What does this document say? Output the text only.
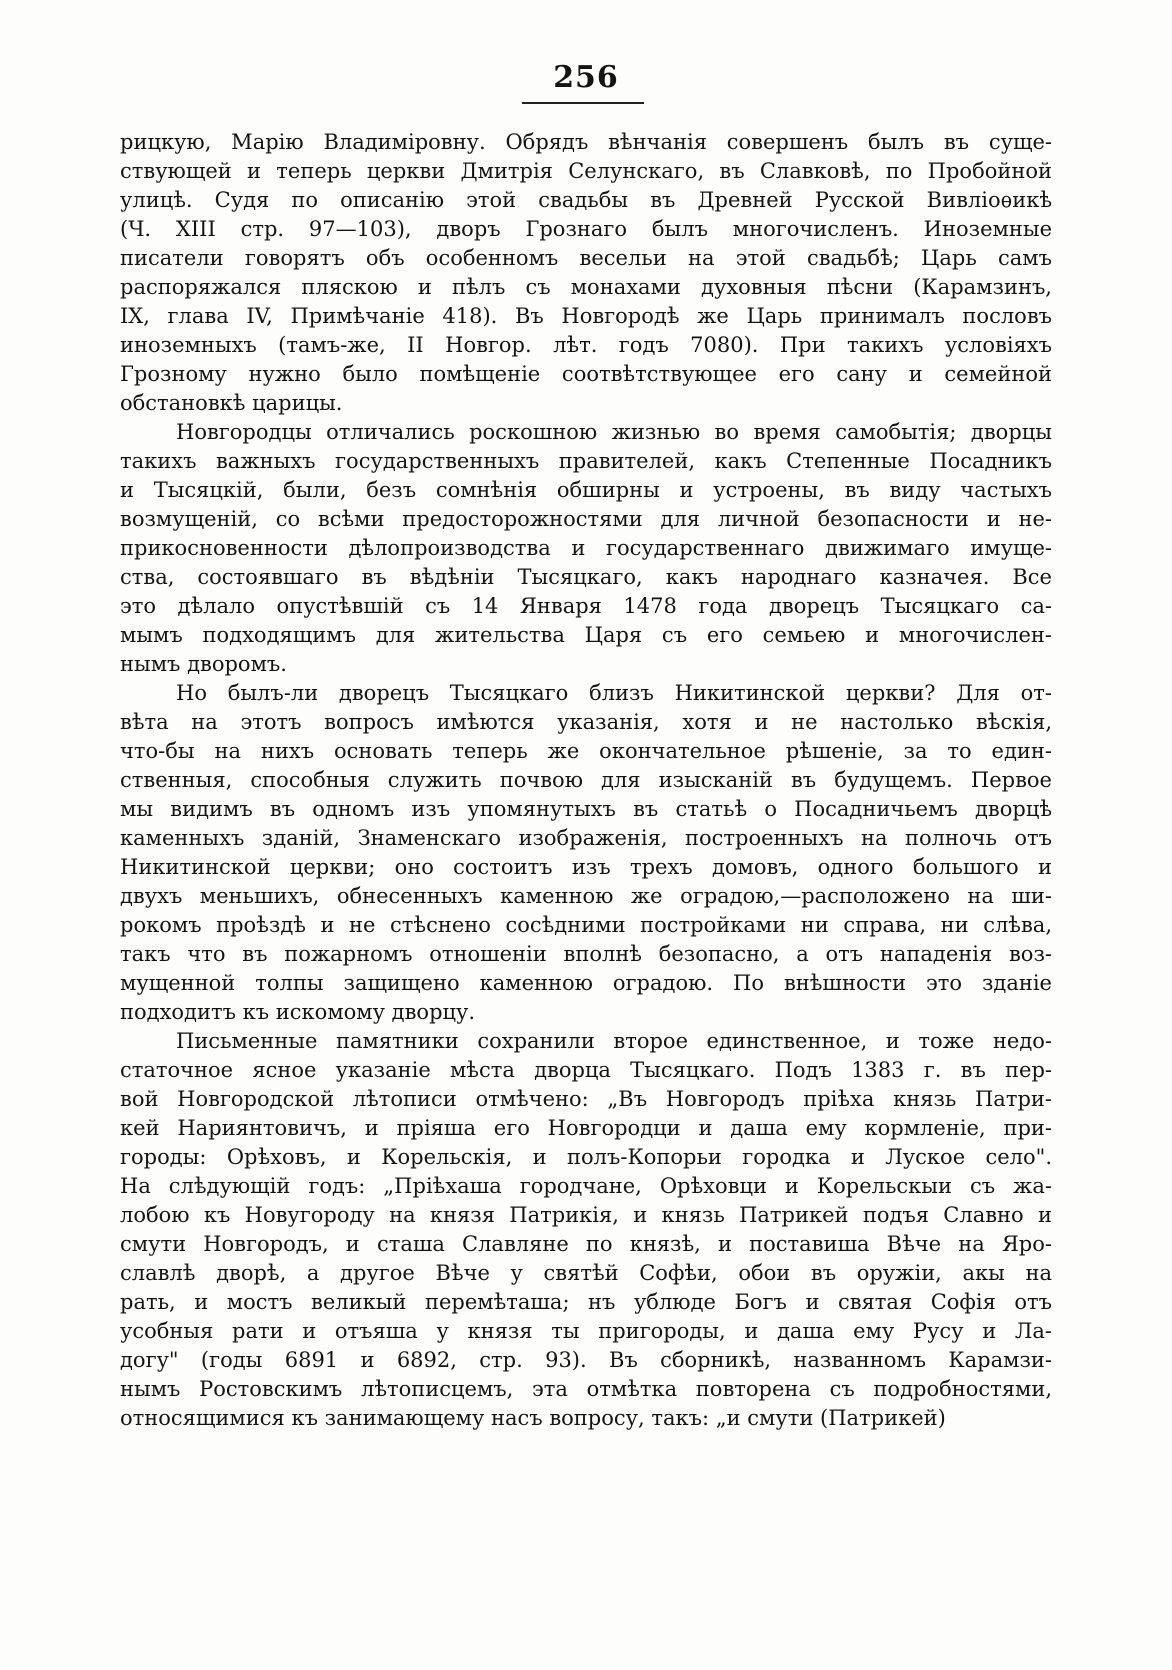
256
рицкую, Марію Владиміровну. Обрядъ вѣнчанія совершенъ былъ въ суще-
ствующей и теперь церкви Дмитрія Селунскаго, въ Славковѣ, по Пробойной
улицѣ. Судя по описанію этой свадьбы въ Древней Русской Вивліоѳикѣ
(Ч. XIII стр. 97—103), дворъ Грознаго былъ многочисленъ. Иноземные
писатели говорятъ объ особенномъ весельи на этой свадьбѣ; Царь самъ
распоряжался пляскою и пѣлъ съ монахами духовныя пѣсни (Карамзинъ,
IX, глава IV, Примѣчаніе 418). Въ Новгородѣ же Царь принималъ пословъ
иноземныхъ (тамъ-же, II Новгор. лѣт. годъ 7080). При такихъ условіяхъ
Грозному нужно было помѣщеніе соотвѣтствующее его сану и семейной
обстановкѣ царицы.
Новгородцы отличались роскошною жизнью во время самобытія; дворцы
такихъ важныхъ государственныхъ правителей, какъ Степенные Посадникъ
и Тысяцкій, были, безъ сомнѣнія обширны и устроены, въ виду частыхъ
возмущеній, со всѣми предосторожностями для личной безопасности и не-
прикосновенности дѣлопроизводства и государственнаго движимаго имуще-
ства, состоявшаго въ вѣдѣніи Тысяцкаго, какъ народнаго казначея. Все
это дѣлало опустѣвшій съ 14 Января 1478 года дворецъ Тысяцкаго са-
мымъ подходящимъ для жительства Царя съ его семьею и многочислен-
нымъ дворомъ.
Но былъ-ли дворецъ Тысяцкаго близъ Никитинской церкви? Для от-
вѣта на этотъ вопросъ имѣются указанія, хотя и не настолько вѣскія,
что-бы на нихъ основать теперь же окончательное рѣшеніе, за то един-
ственныя, способныя служить почвою для изысканій въ будущемъ. Первое
мы видимъ въ одномъ изъ упомянутыхъ въ статьѣ о Посадничьемъ дворцѣ
каменныхъ зданій, Знаменскаго изображенія, построенныхъ на полночь отъ
Никитинской церкви; оно состоитъ изъ трехъ домовъ, одного большого и
двухъ меньшихъ, обнесенныхъ каменною же оградою,—расположено на ши-
рокомъ проѣздѣ и не стѣснено сосѣдними постройками ни справа, ни слѣва,
такъ что въ пожарномъ отношеніи вполнѣ безопасно, а отъ нападенія воз-
мущенной толпы защищено каменною оградою. По внѣшности это зданіе
подходитъ къ искомому дворцу.
Письменные памятники сохранили второе единственное, и тоже недо-
статочное ясное указаніе мѣста дворца Тысяцкаго. Подъ 1383 г. въ пер-
вой Новгородской лѣтописи отмѣчено: „Въ Новгородъ пріѣха князь Патри-
кей Нариянтовичъ, и пріяша его Новгородци и даша ему кормленіе, при-
городы: Орѣховъ, и Корельскія, и полъ-Копорьи городка и Луское село".
На слѣдующій годъ: „Пріѣхаша городчане, Орѣховци и Корельскыи съ жа-
лобою къ Новугороду на князя Патрикія, и князь Патрикей подъя Славно и
смути Новгородъ, и сташа Славляне по князѣ, и поставиша Вѣче на Яро-
славлѣ дворѣ, а другое Вѣче у святѣй Софѣи, обои въ оружіи, акы на
рать, и мостъ великый перемѣташа; нъ ублюде Богъ и святая Софія отъ
усобныя рати и отъяша у князя ты пригороды, и даша ему Русу и Ла-
догу" (годы 6891 и 6892, стр. 93). Въ сборникѣ, названномъ Карамзи-
нымъ Ростовскимъ лѣтописцемъ, эта отмѣтка повторена съ подробностями,
относящимися къ занимающему насъ вопросу, такъ: „и смути (Патрикей)
